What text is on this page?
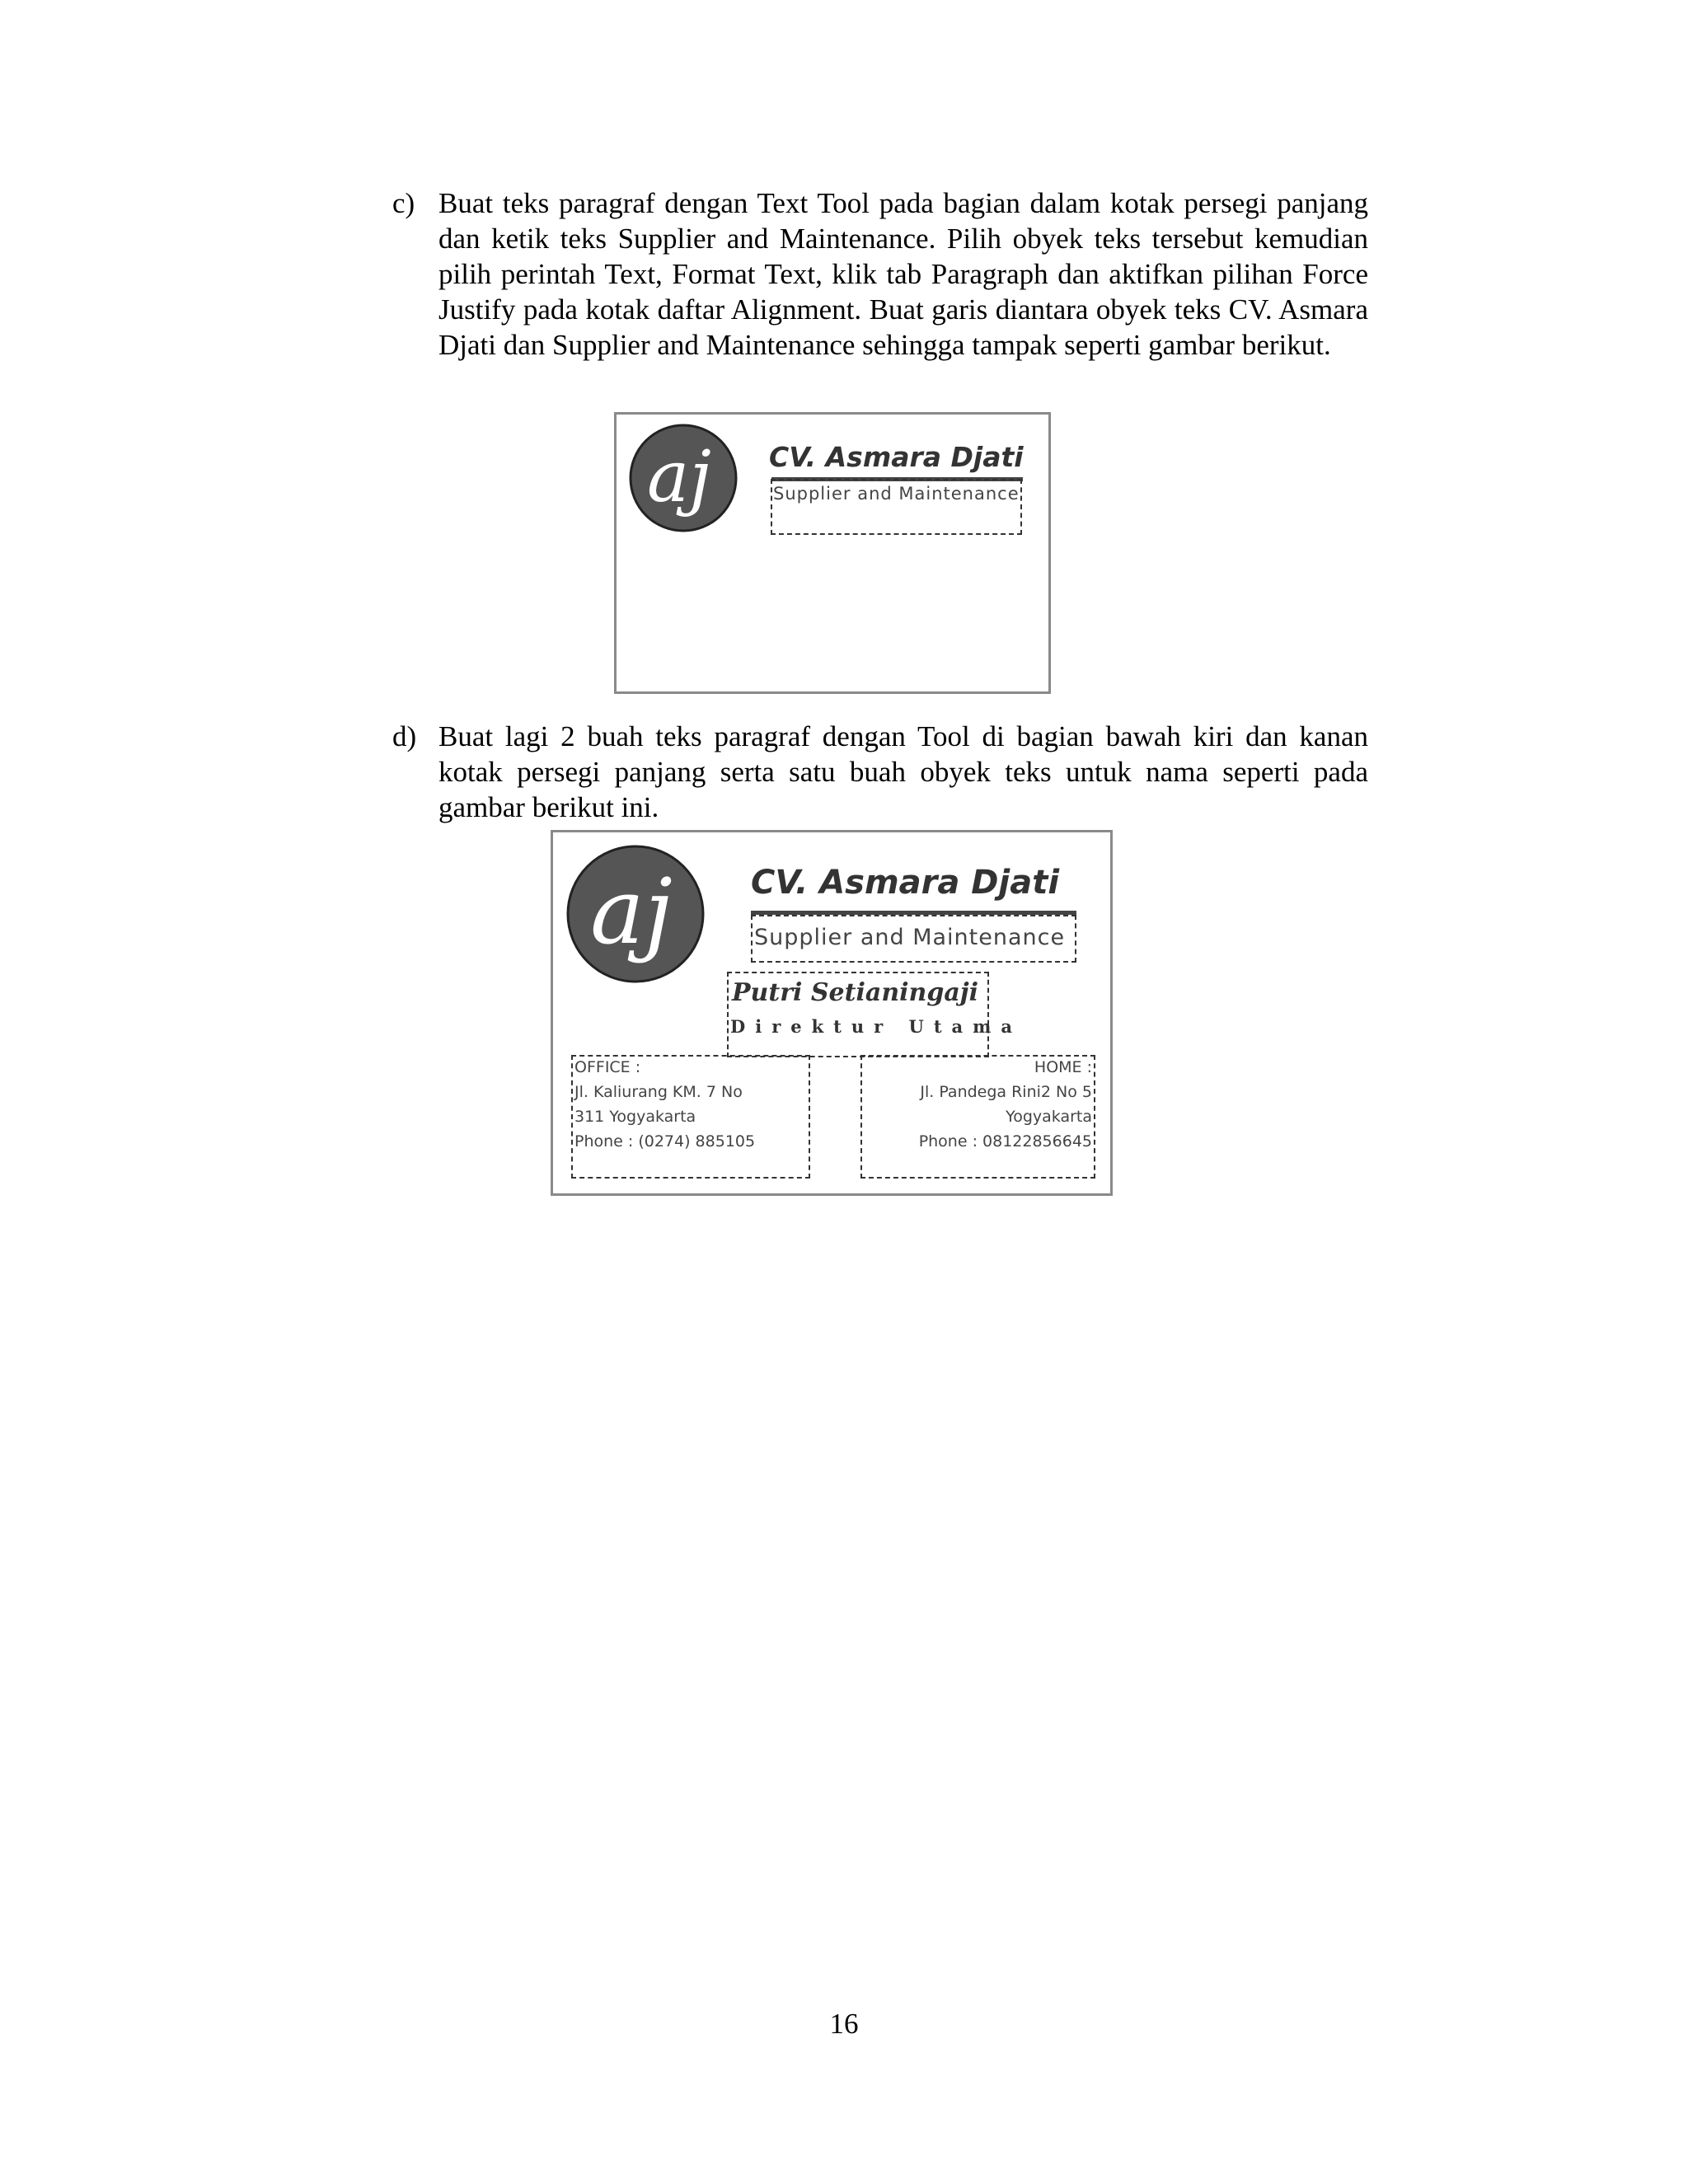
c) Buat teks paragraf dengan Text Tool pada bagian dalam kotak persegi panjang dan ketik teks Supplier and Maintenance. Pilih obyek teks tersebut kemudian pilih perintah Text, Format Text, klik tab Paragraph dan aktifkan pilihan Force Justify pada kotak daftar Alignment. Buat garis diantara obyek teks CV. Asmara Djati dan Supplier and Maintenance sehingga tampak seperti gambar berikut.
aj CV. Asmara Djati
Supplier and Maintenance
d) Buat lagi 2 buah teks paragraf dengan Tool di bagian bawah kiri dan kanan kotak persegi panjang serta satu buah obyek teks untuk nama seperti pada gambar berikut ini.
aj CV. Asmara Djati
Supplier and Maintenance
Putri Setianingaji
Direktur Utama
OFFICE :
Jl. Kaliurang KM. 7 No
311 Yogyakarta
Phone : (0274) 885105
HOME :
Jl. Pandega Rini2 No 5
Yogyakarta
Phone : 08122856645
16
